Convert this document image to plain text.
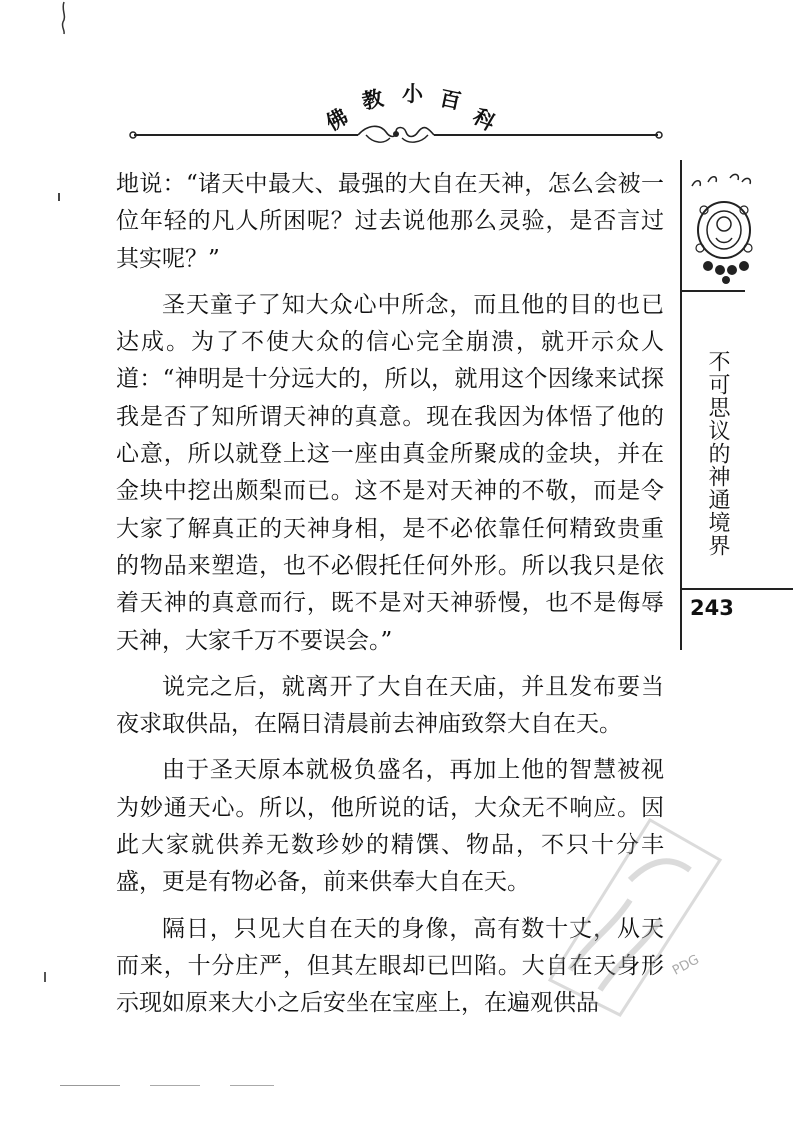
佛
教 小 百
科

地说：“诸天中最大、最强的大自在天神，怎么会被一位年轻的凡人所困呢？过去说他那么灵验，是否言过其实呢？”

圣天童子了知大众心中所念，而且他的目的也已达成。为了不使大众的信心完全崩溃，就开示众人道：“神明是十分远大的，所以，就用这个因缘来试探我是否了知所谓天神的真意。现在我因为体悟了他的心意，所以就登上这一座由真金所聚成的金块，并在金块中挖出颇梨而已。这不是对天神的不敬，而是令大家了解真正的天神身相，是不必依靠任何精致贵重的物品来塑造，也不必假托任何外形。所以我只是依着天神的真意而行，既不是对天神骄慢，也不是侮辱天神，大家千万不要误会。”

说完之后，就离开了大自在天庙，并且发布要当夜求取供品，在隔日清晨前去神庙致祭大自在天。

由于圣天原本就极负盛名，再加上他的智慧被视为妙通天心。所以，他所说的话，大众无不响应。因此大家就供养无数珍妙的精馔、物品，不只十分丰盛，更是有物必备，前来供奉大自在天。

隔日，只见大自在天的身像，高有数十丈，从天而来，十分庄严，但其左眼却已凹陷。大自在天身形示现如原来大小之后安坐在宝座上，在遍观供品

不可思议的神通境界
243
PDG
